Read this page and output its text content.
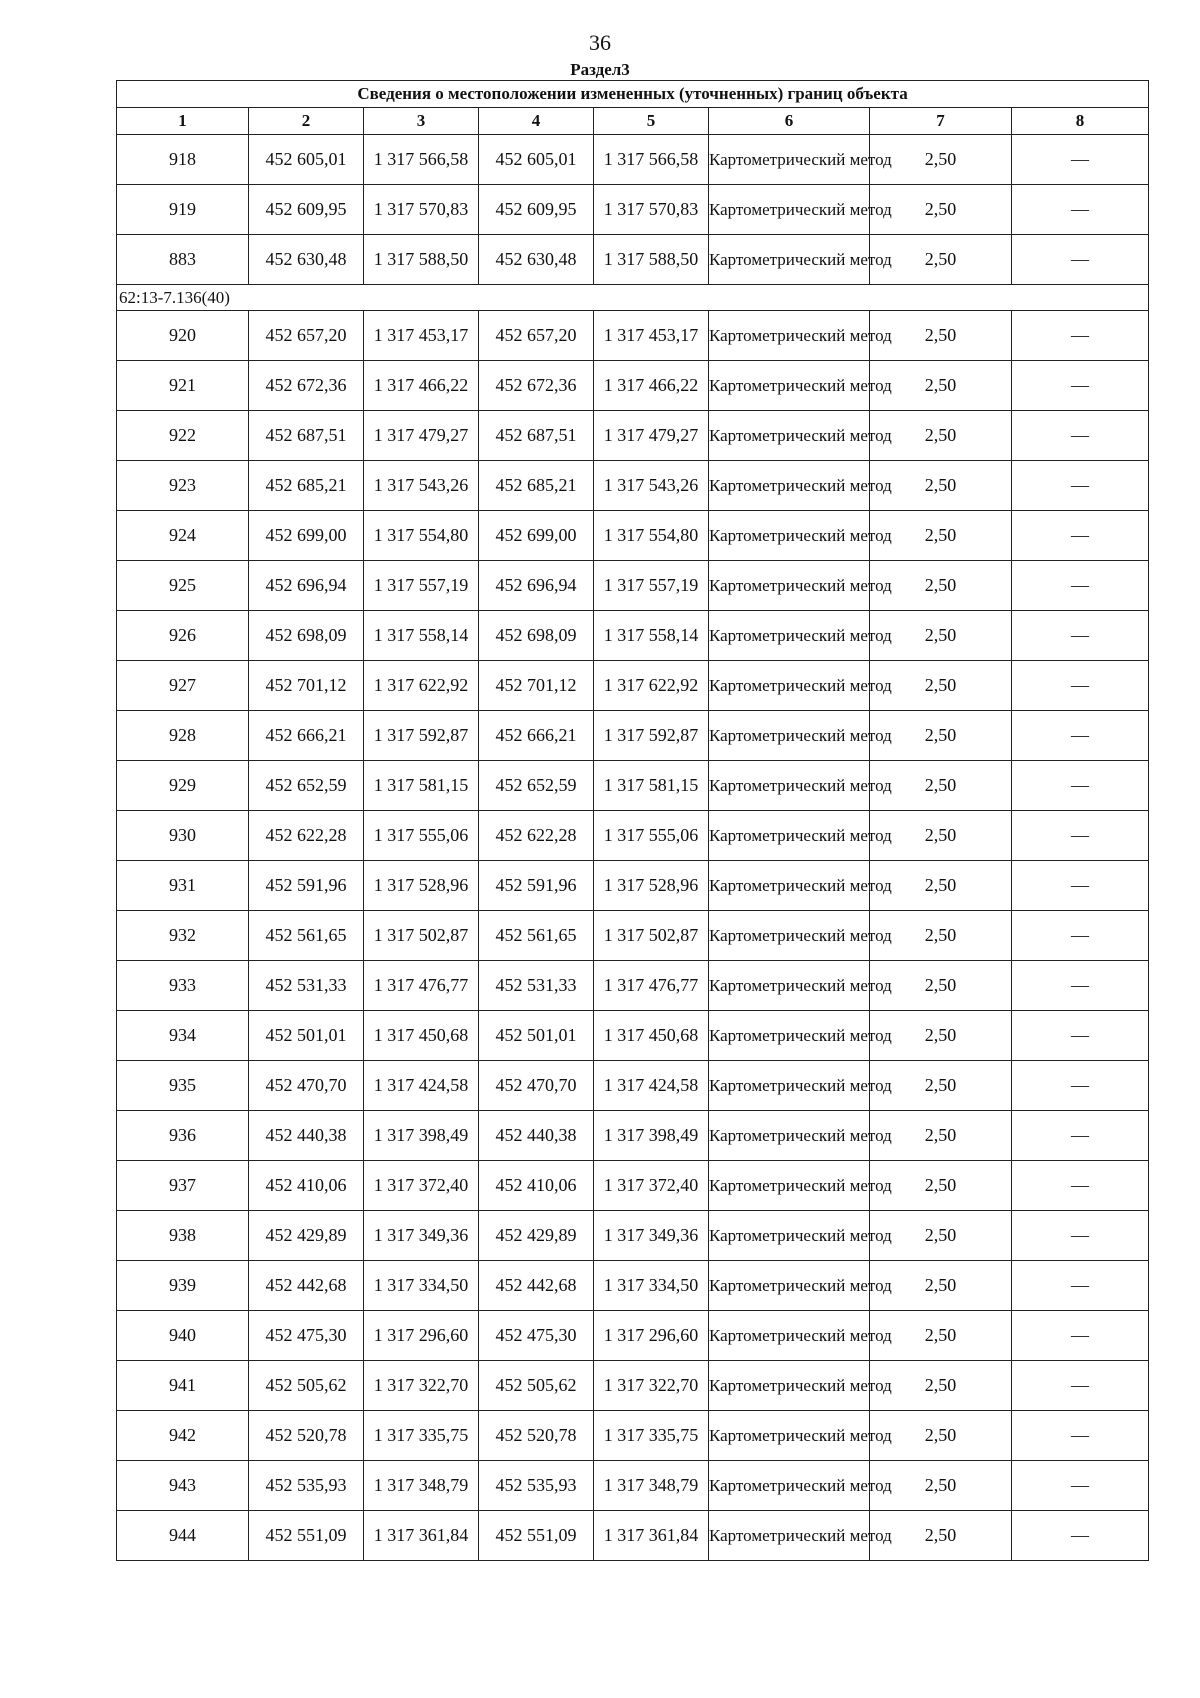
36
Раздел3
Сведения о местоположении измененных (уточненных) границ объекта							
1	2	3	4	5	6	7	8
918	452 605,01	1 317 566,58	452 605,01	1 317 566,58	Картометрический метод	2,50	—
919	452 609,95	1 317 570,83	452 609,95	1 317 570,83	Картометрический метод	2,50	—
883	452 630,48	1 317 588,50	452 630,48	1 317 588,50	Картометрический метод	2,50	—
62:13-7.136(40)							
920	452 657,20	1 317 453,17	452 657,20	1 317 453,17	Картометрический метод	2,50	—
921	452 672,36	1 317 466,22	452 672,36	1 317 466,22	Картометрический метод	2,50	—
922	452 687,51	1 317 479,27	452 687,51	1 317 479,27	Картометрический метод	2,50	—
923	452 685,21	1 317 543,26	452 685,21	1 317 543,26	Картометрический метод	2,50	—
924	452 699,00	1 317 554,80	452 699,00	1 317 554,80	Картометрический метод	2,50	—
925	452 696,94	1 317 557,19	452 696,94	1 317 557,19	Картометрический метод	2,50	—
926	452 698,09	1 317 558,14	452 698,09	1 317 558,14	Картометрический метод	2,50	—
927	452 701,12	1 317 622,92	452 701,12	1 317 622,92	Картометрический метод	2,50	—
928	452 666,21	1 317 592,87	452 666,21	1 317 592,87	Картометрический метод	2,50	—
929	452 652,59	1 317 581,15	452 652,59	1 317 581,15	Картометрический метод	2,50	—
930	452 622,28	1 317 555,06	452 622,28	1 317 555,06	Картометрический метод	2,50	—
931	452 591,96	1 317 528,96	452 591,96	1 317 528,96	Картометрический метод	2,50	—
932	452 561,65	1 317 502,87	452 561,65	1 317 502,87	Картометрический метод	2,50	—
933	452 531,33	1 317 476,77	452 531,33	1 317 476,77	Картометрический метод	2,50	—
934	452 501,01	1 317 450,68	452 501,01	1 317 450,68	Картометрический метод	2,50	—
935	452 470,70	1 317 424,58	452 470,70	1 317 424,58	Картометрический метод	2,50	—
936	452 440,38	1 317 398,49	452 440,38	1 317 398,49	Картометрический метод	2,50	—
937	452 410,06	1 317 372,40	452 410,06	1 317 372,40	Картометрический метод	2,50	—
938	452 429,89	1 317 349,36	452 429,89	1 317 349,36	Картометрический метод	2,50	—
939	452 442,68	1 317 334,50	452 442,68	1 317 334,50	Картометрический метод	2,50	—
940	452 475,30	1 317 296,60	452 475,30	1 317 296,60	Картометрический метод	2,50	—
941	452 505,62	1 317 322,70	452 505,62	1 317 322,70	Картометрический метод	2,50	—
942	452 520,78	1 317 335,75	452 520,78	1 317 335,75	Картометрический метод	2,50	—
943	452 535,93	1 317 348,79	452 535,93	1 317 348,79	Картометрический метод	2,50	—
944	452 551,09	1 317 361,84	452 551,09	1 317 361,84	Картометрический метод	2,50	—
